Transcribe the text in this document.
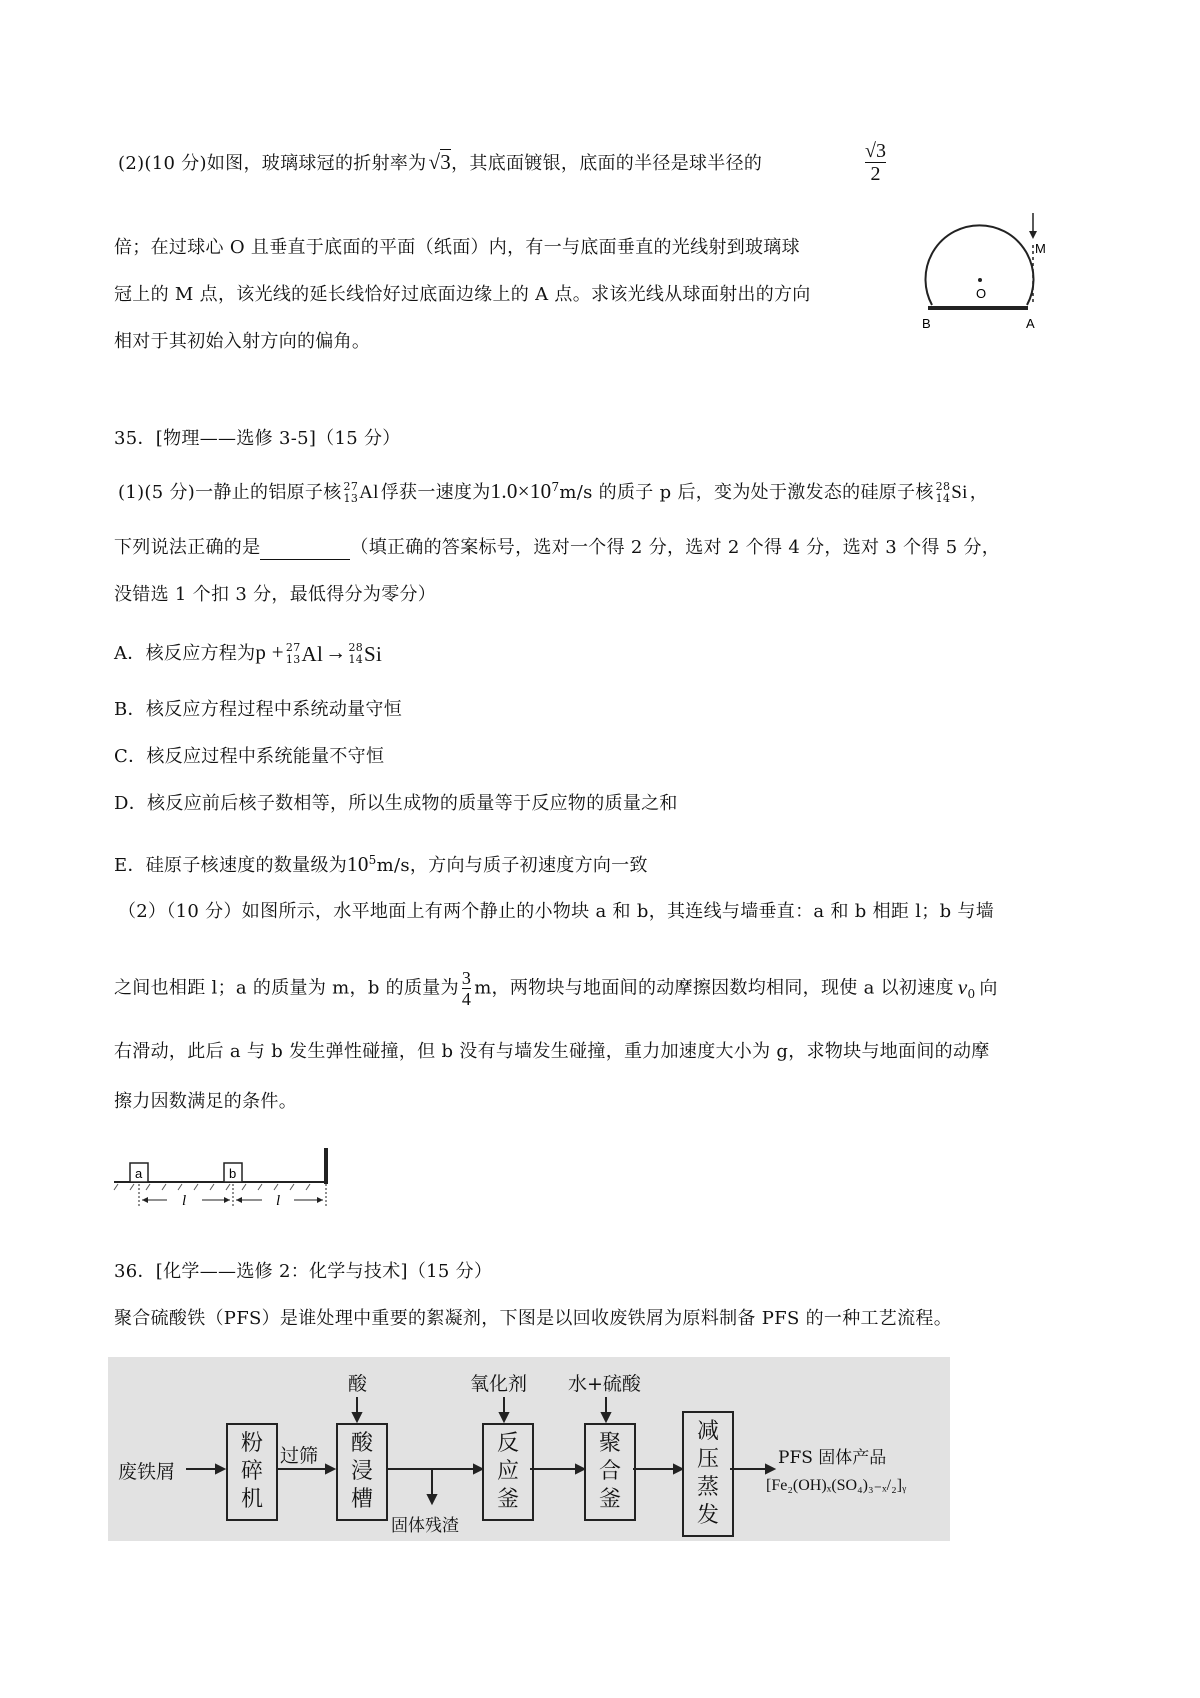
(2)(10 分)如图，玻璃球冠的折射率为√3，其底面镀银，底面的半径是球半径的	$\frac{√3}{2}$
倍；在过球心 O 且垂直于底面的平面（纸面）内，有一与底面垂直的光线射到玻璃球
冠上的 M 点，该光线的延长线恰好过底面边缘上的 A 点。求该光线从球面射出的方向
相对于其初始入射方向的偏角。
M
O
B	A
35．[物理——选修 3-5]（15 分）
(1)(5 分)一静止的铝原子核 27
13 Al 俘获一速度为$1.0\times 10^7m/s$ 的质子 p 后，变为处于激发态的硅原子核 28
14 Si ，
下列说法正确的是	（填正确的答案标号，选对一个得 2 分，选对 2 个得 4 分，选对 3 个得 5 分，
没错选 1 个扣 3 分，最低得分为零分）
A．核反应方程为p + 27
13 Al → 28
14 Si
B．核反应方程过程中系统动量守恒
C．核反应过程中系统能量不守恒
D．核反应前后核子数相等，所以生成物的质量等于反应物的质量之和
E．硅原子核速度的数量级为$10^5m/s$，方向与质子初速度方向一致
（2）（10 分）如图所示，水平地面上有两个静止的小物块 a 和 b，其连线与墙垂直：a 和 b 相距 l；b 与墙
之间也相距 l；a 的质量为 m，b 的质量为 $\frac{3}{4}$ m，两物块与地面间的动摩擦因数均相同，现使 a 以初速度 $v_0$ 向
右滑动，此后 a 与 b 发生弹性碰撞，但 b 没有与墙发生碰撞，重力加速度大小为 g，求物块与地面间的动摩
擦力因数满足的条件。
a	b
l	l
36．[化学——选修 2：化学与技术]（15 分）
聚合硫酸铁（PFS）是谁处理中重要的絮凝剂，下图是以回收废铁屑为原料制备 PFS 的一种工艺流程。
废铁屑
粉
碎
机
过筛
酸
酸
浸
槽
固体残渣
氧化剂
反
应
釜
水+硫酸
聚
合
釜
减
压
蒸
发
PFS 固体产品
[Fe₂(OH)ₓ(SO₄)₃₋ₓ/₂]ᵧ
